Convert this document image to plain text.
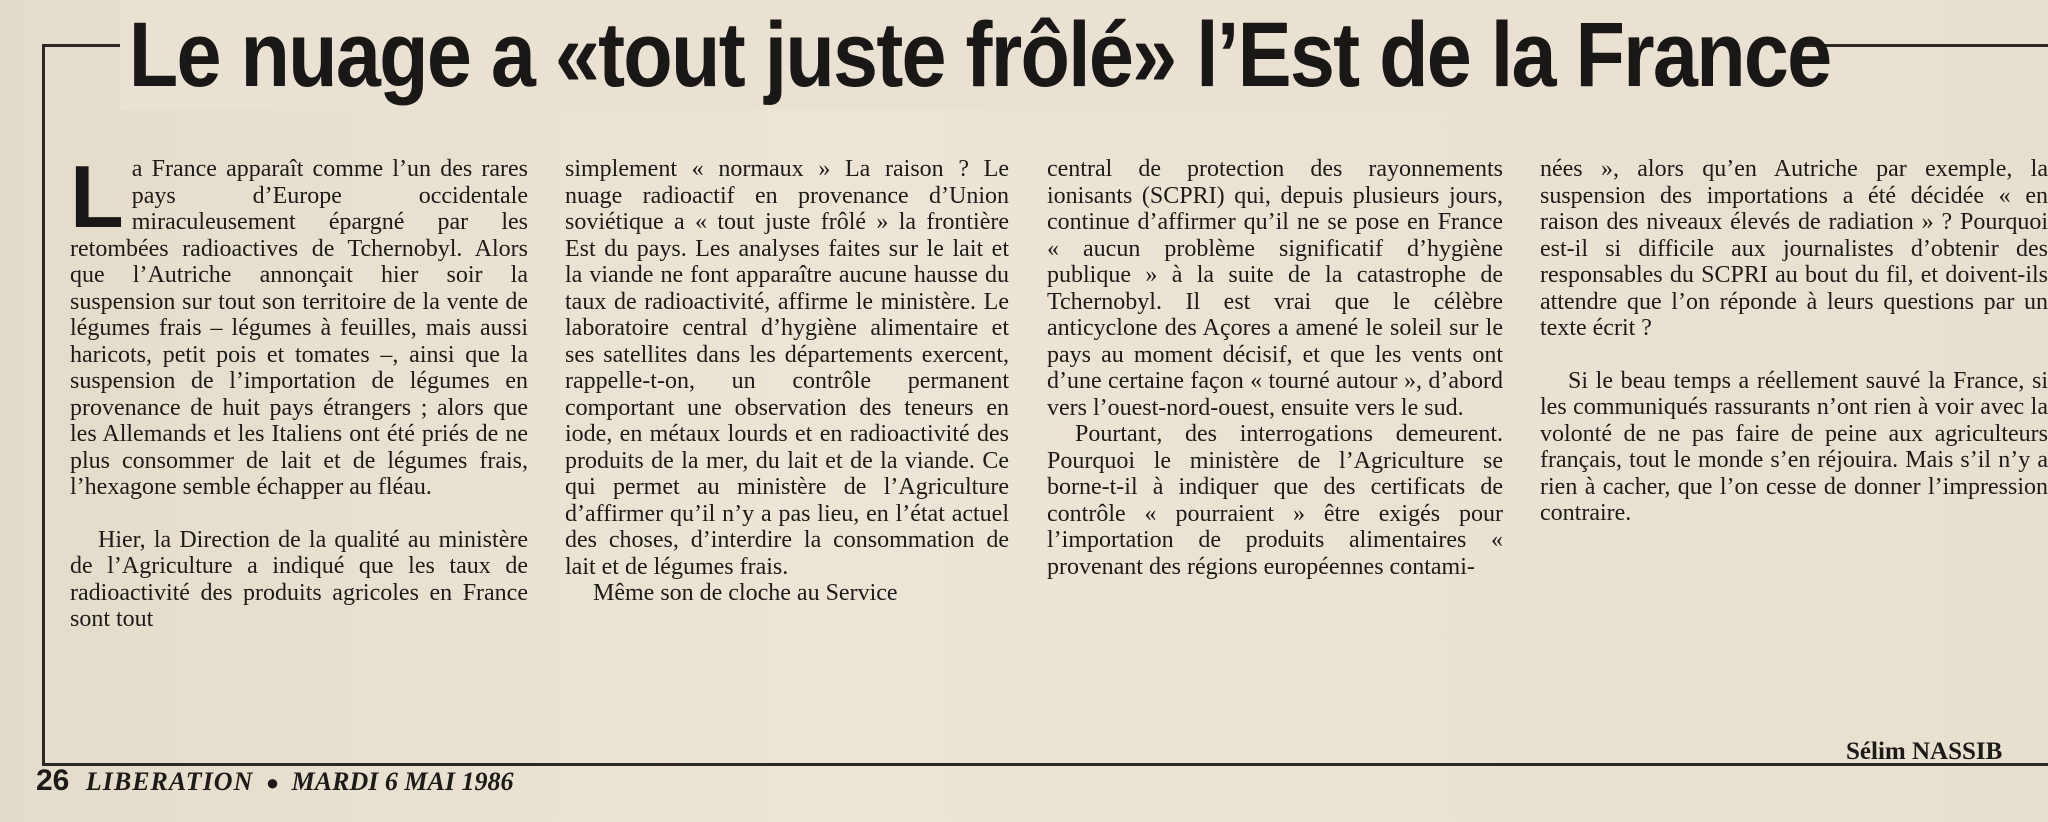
Le nuage a «tout juste frôlé» l’Est de la France
L a France apparaît comme l’un des rares pays d’Europe occidentale miraculeusement épargné par les retombées radioactives de Tchernobyl. Alors que l’Autriche annonçait hier soir la suspension sur tout son territoire de la vente de légumes frais – légumes à feuilles, mais aussi haricots, petit pois et tomates –, ainsi que la suspension de l’importation de légumes en provenance de huit pays étrangers ; alors que les Allemands et les Italiens ont été priés de ne plus consommer de lait et de légumes frais, l’hexagone semble échapper au fléau.

Hier, la Direction de la qualité au ministère de l’Agriculture a indiqué que les taux de radioactivité des produits agricoles en France sont tout

simplement « normaux » La raison ? Le nuage radioactif en provenance d’Union soviétique a « tout juste frôlé » la frontière Est du pays. Les analyses faites sur le lait et la viande ne font apparaître aucune hausse du taux de radioactivité, affirme le ministère. Le laboratoire central d’hygiène alimentaire et ses satellites dans les départements exercent, rappelle-t-on, un contrôle permanent comportant une observation des teneurs en iode, en métaux lourds et en radioactivité des produits de la mer, du lait et de la viande. Ce qui permet au ministère de l’Agriculture d’affirmer qu’il n’y a pas lieu, en l’état actuel des choses, d’interdire la consommation de lait et de légumes frais.

Même son de cloche au Service

central de protection des rayonnements ionisants (SCPRI) qui, depuis plusieurs jours, continue d’affirmer qu’il ne se pose en France « aucun problème significatif d’hygiène publique » à la suite de la catastrophe de Tchernobyl. Il est vrai que le célèbre anticyclone des Açores a amené le soleil sur le pays au moment décisif, et que les vents ont d’une certaine façon « tourné autour », d’abord vers l’ouest-nord-ouest, ensuite vers le sud.

Pourtant, des interrogations demeurent. Pourquoi le ministère de l’Agriculture se borne-t-il à indiquer que des certificats de contrôle « pourraient » être exigés pour l’importation de produits alimentaires « provenant des régions européennes contami-

nées », alors qu’en Autriche par exemple, la suspension des importations a été décidée « en raison des niveaux élevés de radiation » ? Pourquoi est-il si difficile aux journalistes d’obtenir des responsables du SCPRI au bout du fil, et doivent-ils attendre que l’on réponde à leurs questions par un texte écrit ?

Si le beau temps a réellement sauvé la France, si les communiqués rassurants n’ont rien à voir avec la volonté de ne pas faire de peine aux agriculteurs français, tout le monde s’en réjouira. Mais s’il n’y a rien à cacher, que l’on cesse de donner l’impression contraire.

Sélim NASSIB
26 LIBERATION ● MARDI 6 MAI 1986
